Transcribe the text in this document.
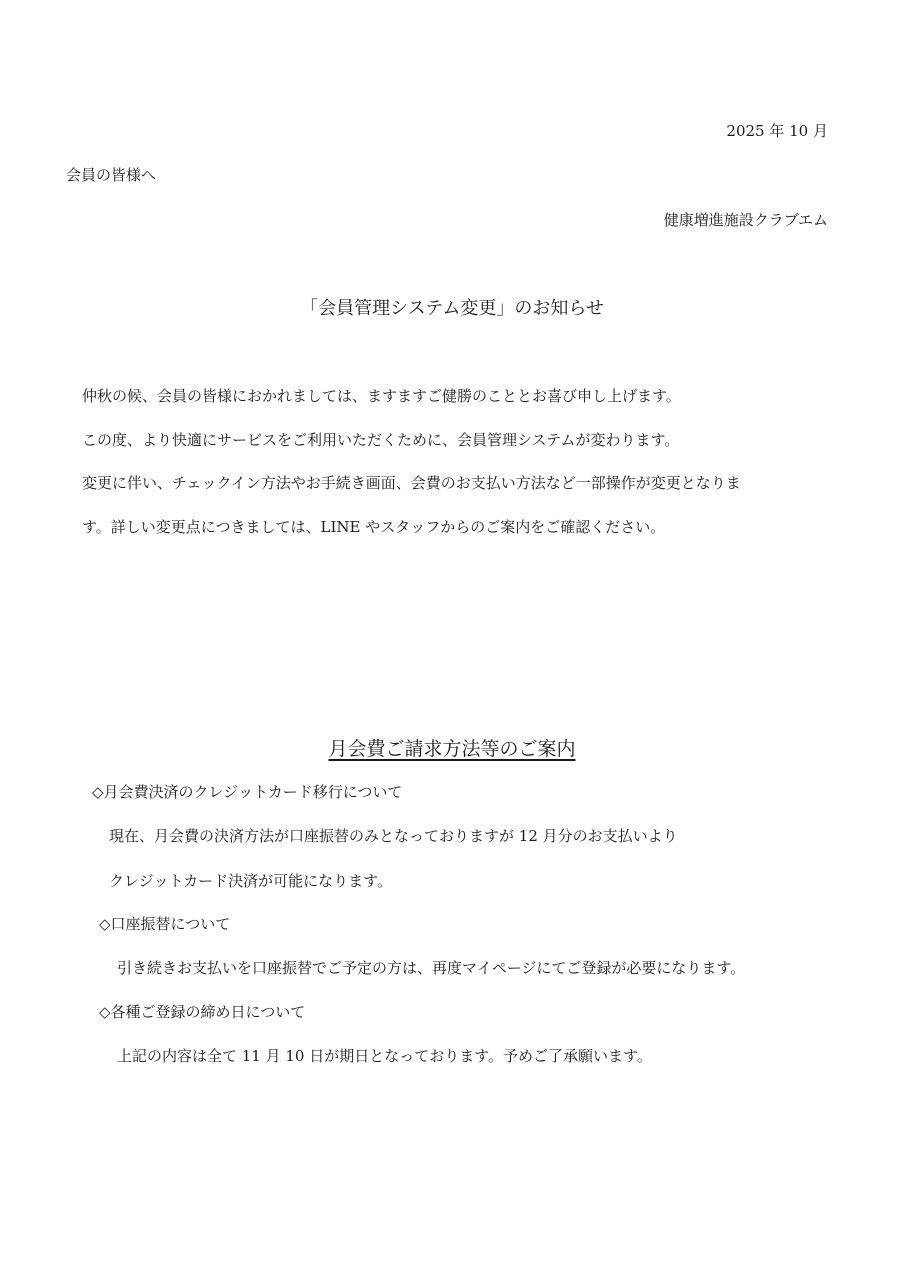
2025 年 10 月
会員の皆様へ
健康増進施設クラブエム
「会員管理システム変更」のお知らせ
仲秋の候、会員の皆様におかれましては、ますますご健勝のこととお喜び申し上げます。
この度、より快適にサービスをご利用いただくために、会員管理システムが変わります。
変更に伴い、チェックイン方法やお手続き画面、会費のお支払い方法など一部操作が変更となりま
す。詳しい変更点につきましては、LINE やスタッフからのご案内をご確認ください。
月会費ご請求方法等のご案内
◇月会費決済のクレジットカード移行について
現在、月会費の決済方法が口座振替のみとなっておりますが 12 月分のお支払いより
クレジットカード決済が可能になります。
◇口座振替について
引き続きお支払いを口座振替でご予定の方は、再度マイページにてご登録が必要になります。
◇各種ご登録の締め日について
上記の内容は全て 11 月 10 日が期日となっております。予めご了承願います。
